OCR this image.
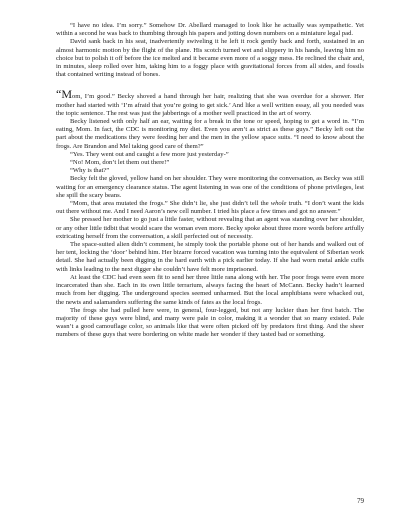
“I have no idea. I’m sorry.” Somehow Dr. Abellard managed to look like he actually was sympathetic. Yet within a second he was back to thumbing through his papers and jotting down numbers on a miniature legal pad.

David sank back in his seat, inadvertently swiveling it he left it rock gently back and forth, sustained in an almost harmonic motion by the flight of the plane. His scotch turned wet and slippery in his hands, leaving him no choice but to polish it off before the ice melted and it became even more of a soggy mess. He reclined the chair and, in minutes, sleep rolled over him, taking him to a foggy place with gravitational forces from all sides, and fossils that contained writing instead of bones.

“Mom, I’m good.” Becky shoved a hand through her hair, realizing that she was overdue for a shower. Her mother had started with ‘I’m afraid that you’re going to get sick.’ And like a well written essay, all you needed was the topic sentence. The rest was just the jabberings of a mother well practiced in the art of worry.

Becky listened with only half an ear, waiting for a break in the tone or speed, hoping to get a word in. “I’m eating, Mom. In fact, the CDC is monitoring my diet. Even you aren’t as strict as these guys.” Becky left out the part about the medications they were feeding her and the men in the yellow space suits. “I need to know about the frogs. Are Brandon and Mel taking good care of them?”

“Yes. They went out and caught a few more just yesterday-”

“No! Mom, don’t let them out there!”

“Why is that?”

Becky felt the gloved, yellow hand on her shoulder. They were monitoring the conversation, as Becky was still waiting for an emergency clearance status. The agent listening in was one of the conditions of phone privileges, lest she spill the scary beans.

“Mom, that area mutated the frogs.” She didn’t lie, she just didn’t tell the whole truth. “I don’t want the kids out there without me. And I need Aaron’s new cell number. I tried his place a few times and got no answer.”

She pressed her mother to go just a little faster, without revealing that an agent was standing over her shoulder, or any other little tidbit that would scare the woman even more. Becky spoke about three more words before artfully extricating herself from the conversation, a skill perfected out of necessity.

The space-suited alien didn’t comment, he simply took the portable phone out of her hands and walked out of her tent, locking the ‘door’ behind him. Her bizarre forced vacation was turning into the equivalent of Siberian work detail. She had actually been digging in the hard earth with a pick earlier today. If she had worn metal ankle cuffs with links leading to the next digger she couldn’t have felt more imprisoned.

At least the CDC had even seen fit to send her three little rana along with her. The poor frogs were even more incarcerated than she. Each in its own little terrarium, always facing the heart of McCann. Becky hadn’t learned much from her digging. The underground species seemed unharmed. But the local amphibians were whacked out, the newts and salamanders suffering the same kinds of fates as the local frogs.

The frogs she had pulled here were, in general, four-legged, but not any luckier than her first batch. The majority of these guys were blind, and many were pale in color, making it a wonder that so many existed. Pale wasn’t a good camouflage color, so animals like that were often picked off by predators first thing. And the sheer numbers of these guys that were bordering on white made her wonder if they tasted bad or something.

79
